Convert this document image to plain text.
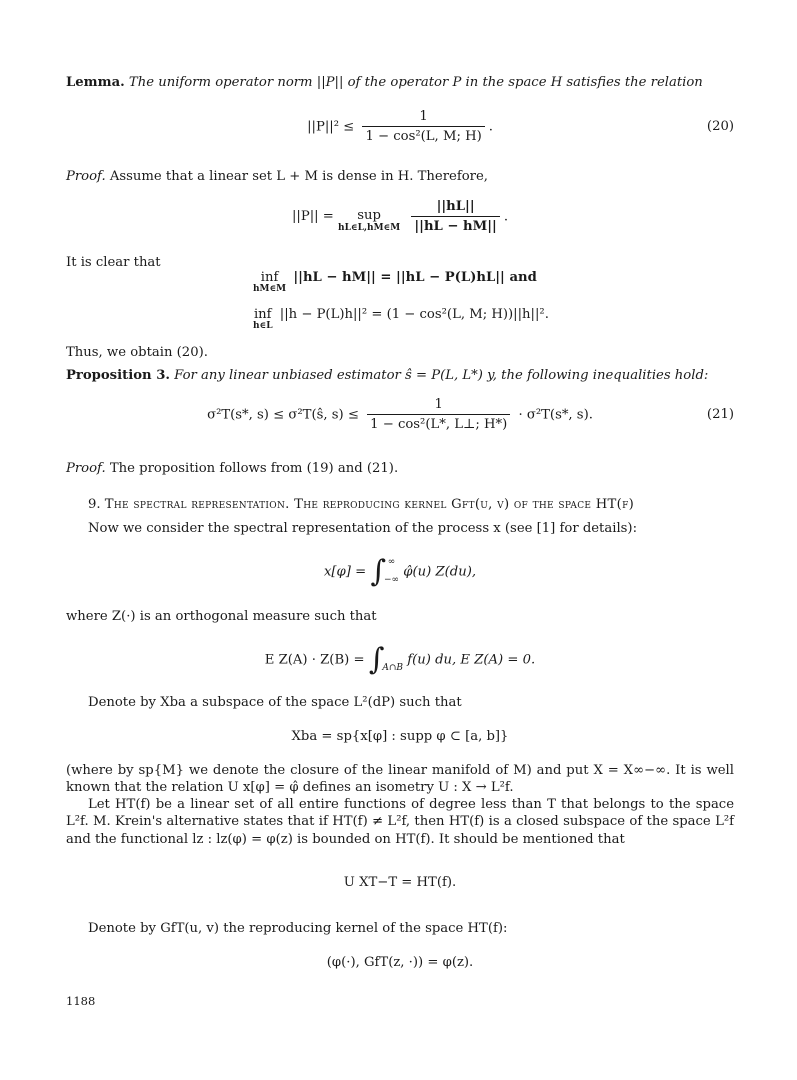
Lemma. The uniform operator norm ||P|| of the operator P in the space H satisfies the relation
$||P||^2 \le \frac{1}{\text{1 − cos²(L, M; H)}}$ .	(20)
Proof. Assume that a linear set L + M is dense in H. Therefore,
||P|| =	sup
hL∈L,hM∈M
$\frac{||hL||}{||hL - hM||}$ .
It is clear that
inf
hM∈M
||hL − hM|| = ||hL − P(L)hL|| and
inf
h∈L
||h − P(L)h||² = (1 − cos²(L, M; H))||h||².
Thus, we obtain (20).
Proposition 3. For any linear unbiased estimator ŝ = P(L, L*) y, the following inequalities hold:
σ²T(s*, s) ≤ σ²T(ŝ, $s) \le \frac{1}{\text{1 − cos²(L*, L⊥; H*)}} \cdot \sigma^2T(s*$, s).	(21)
Proof. The proposition follows from (19) and (21).
9. The spectral representation. The reproducing kernel Gft(u, v) of the space HT(f)
Now we consider the spectral representation of the process x (see [1] for details):
x[φ] = ∫ ∞
−∞
φ̂(u) Z(du),
where Z(·) is an orthogonal measure such that
E Z(A) · Z(B) = ∫
A∩B
f(u) du, E Z(A) = 0.
Denote by Xba a subspace of the space L²(dP) such that
Xba = sp{x[φ] : supp φ ⊂ [a, b]}
(where by sp{M} we denote the closure of the linear manifold of M) and put X = X∞−∞. It is well known that the relation U x[φ] = φ̂ defines an isometry U : X → L²f.
Let HT(f) be a linear set of all entire functions of degree less than T that belongs to the space L²f. M. Krein's alternative states that if HT(f) ≠ L²f, then HT(f) is a closed subspace of the space L²f and the functional lz : lz(φ) = φ(z) is bounded on HT(f). It should be mentioned that
U XT−T = HT(f).
Denote by GfT(u, v) the reproducing kernel of the space HT(f):
(φ(·), GfT(z, ·)) = φ(z).
1188
